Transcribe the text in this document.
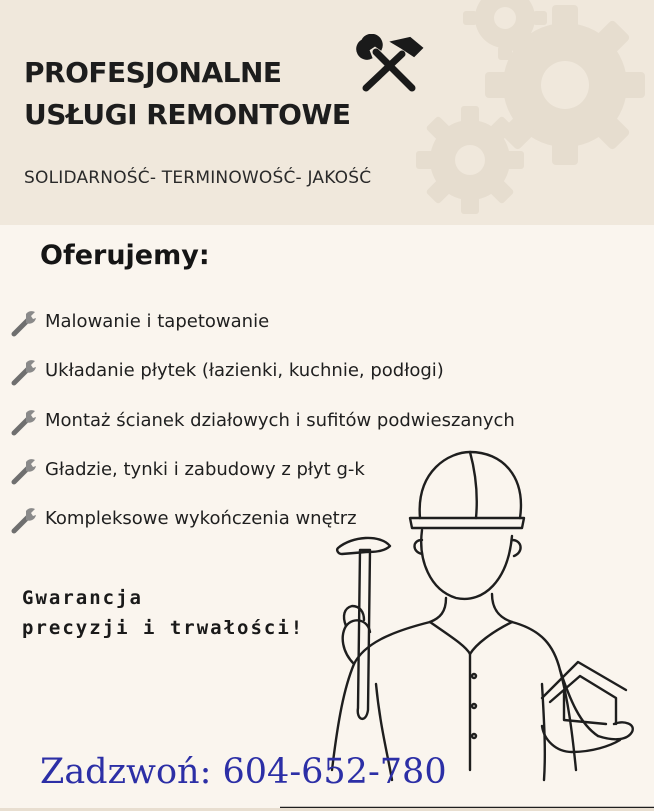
PROFESJONALNE
USŁUGI REMONTOWE
SOLIDARNOŚĆ- TERMINOWOŚĆ- JAKOŚĆ
Oferujemy:
Malowanie i tapetowanie
Układanie płytek (łazienki, kuchnie, podłogi)
Montaż ścianek działowych i sufitów podwieszanych
Gładzie, tynki i zabudowy z płyt g-k
Kompleksowe wykończenia wnętrz
Gwarancja
precyzji i trwałości!
Zadzwoń: 604-652-780
